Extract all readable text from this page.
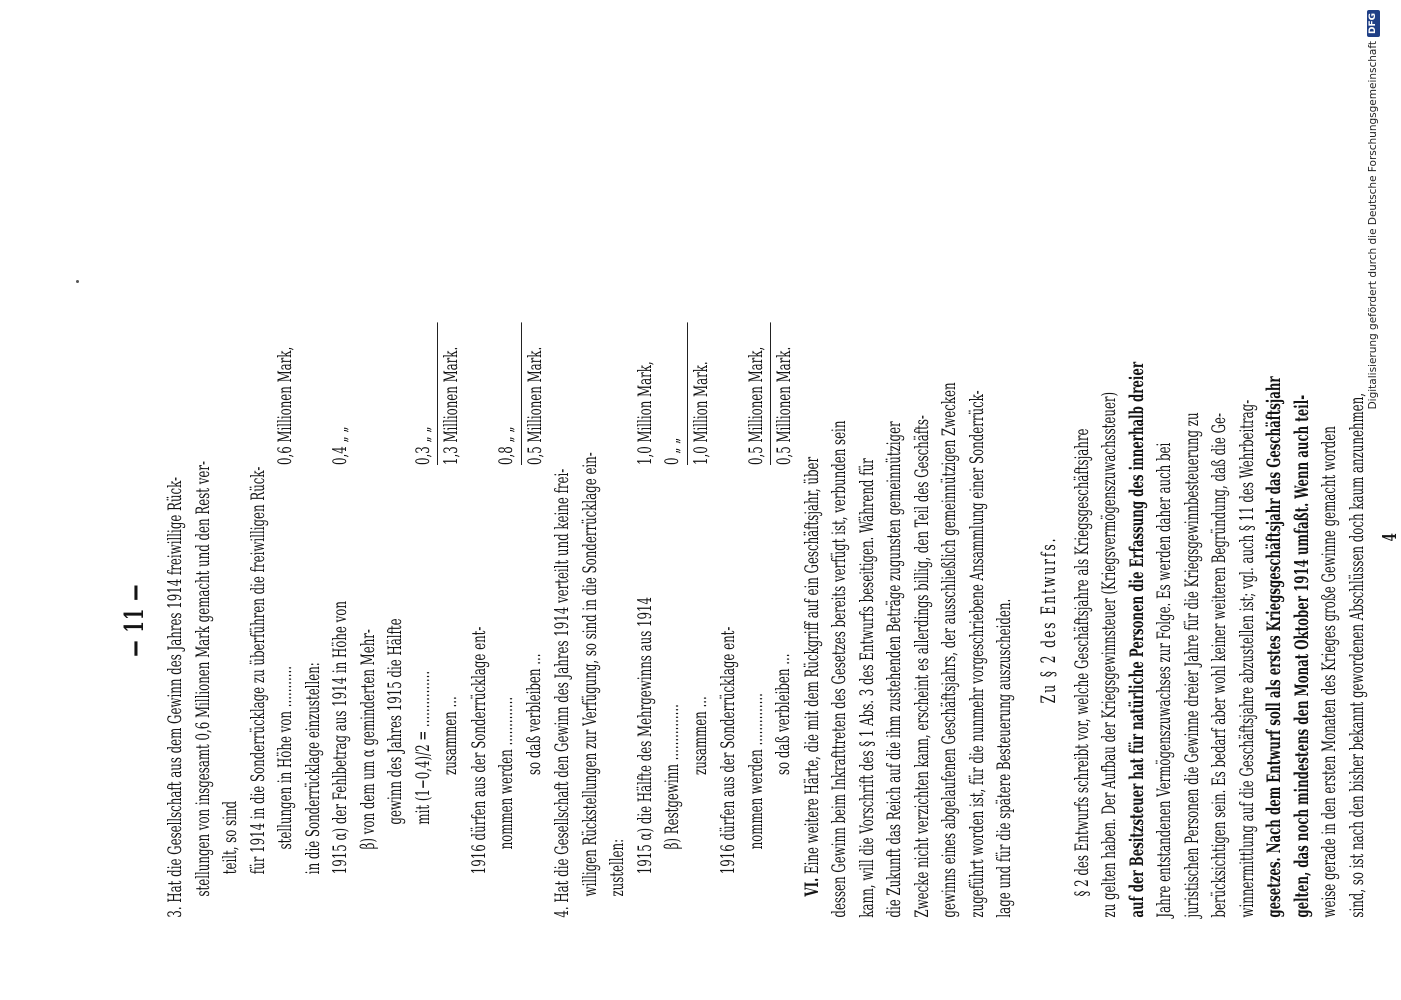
— 11 — 3. Hat die Gesellschaft aus dem Gewinn des Jahres 1914 freiwillige Rück- stellungen von insgesamt 0,6 Millionen Mark gemacht und den Rest ver- teilt, so sind für 1914 in die Sonderrücklage zu überführen die freiwilligen Rück- stellungen in Höhe von ...........
0,6 Millionen Mark,
in die Sonderrücklage einzustellen: 1915 α) der Fehlbetrag aus 1914 in Höhe von
0,4 „ „
β) von dem um α geminderten Mehr- gewinn des Jahres 1915 die Hälfte mit (1−0,4)/2 = ...............
0,3 „ „
zusammen ...
1,3 Millionen Mark.
1916 dürfen aus der Sonderrücklage ent- nommen werden .............
0,8 „ „
so daß verbleiben ...
0,5 Millionen Mark.
4. Hat die Gesellschaft den Gewinn des Jahres 1914 verteilt und keine frei- willigen Rückstellungen zur Verfügung, so sind in die Sonderrücklage ein- zustellen: 1915 α) die Hälfte des Mehrgewinns aus 1914
1,0 Million Mark,
β) Restgewinn ...............
0 „ „
zusammen ...
1,0 Million Mark.
1916 dürfen aus der Sonderrücklage ent- nommen werden ..............
0,5 Millionen Mark,
so daß verbleiben ...
0,5 Millionen Mark.
VI. Eine weitere Härte, die mit dem Rückgriff auf ein Geschäftsjahr, über dessen Gewinn beim Inkrafttreten des Gesetzes bereits verfügt ist, verbunden sein kann, will die Vorschrift des § 1 Abs. 3 des Entwurfs beseitigen. Während für die Zukunft das Reich auf die ihm zustehenden Beträge zugunsten gemeinnütziger Zwecke nicht verzichten kann, erscheint es allerdings billig, den Teil des Geschäfts- gewinns eines abgelaufenen Geschäftsjahrs, der ausschließlich gemeinnützigen Zwecken zugeführt worden ist, für die nunmehr vorgeschriebene Ansammlung einer Sonderrück- lage und für die spätere Besteuerung auszuscheiden. Zu § 2 des Entwurfs. § 2 des Entwurfs schreibt vor, welche Geschäftsjahre als Kriegsgeschäftsjahre zu gelten haben. Der Aufbau der Kriegsgewinnsteuer (Kriegsvermögenszuwachssteuer) auf der Besitzsteuer hat für natürliche Personen die Erfassung des innerhalb dreier Jahre entstandenen Vermögenszuwachses zur Folge. Es werden daher auch bei juristischen Personen die Gewinne dreier Jahre für die Kriegsgewinnbesteuerung zu berücksichtigen sein. Es bedarf aber wohl keiner weiteren Begründung, daß die Ge- winnermittlung auf die Geschäftsjahre abzustellen ist; vgl. auch § 11 des Wehrbeitrag- gesetzes. Nach dem Entwurf soll als erstes Kriegsgeschäftsjahr das Geschäftsjahr gelten, das noch mindestens den Monat Oktober 1914 umfaßt. Wenn auch teil- weise gerade in den ersten Monaten des Krieges große Gewinne gemacht worden sind, so ist nach den bisher bekannt gewordenen Abschlüssen doch kaum anzunehmen, 4
Digitalisierung gefördert durch die Deutsche Forschungsgemeinschaft
DFG
